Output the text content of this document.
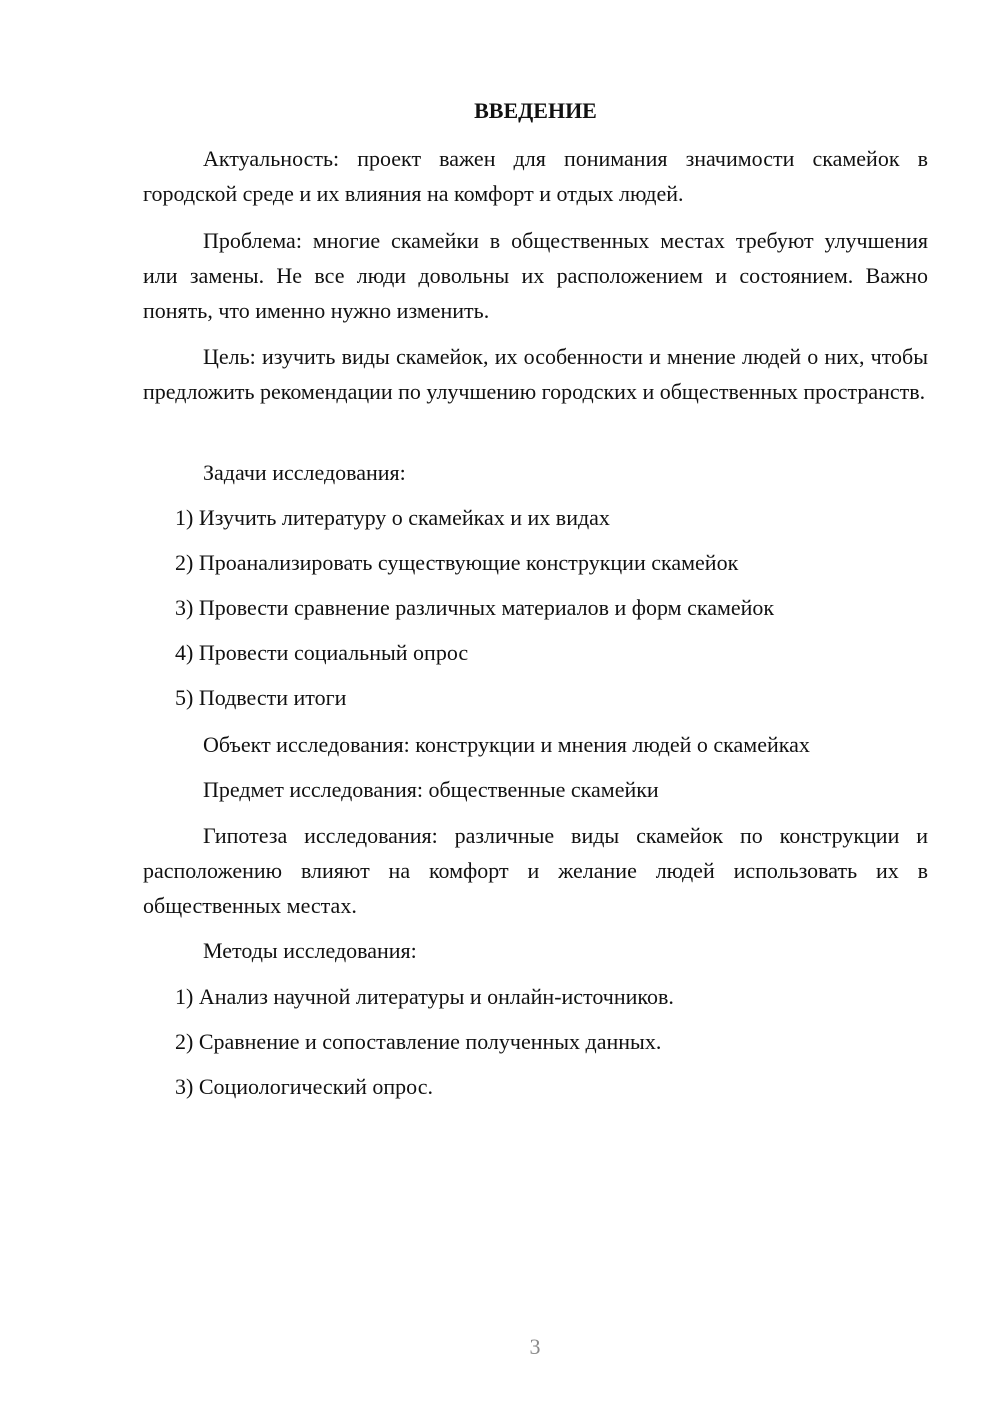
ВВЕДЕНИЕ
Актуальность: проект важен для понимания значимости скамейок в городской среде и их влияния на комфорт и отдых людей.
Проблема: многие скамейки в общественных местах требуют улучшения или замены. Не все люди довольны их расположением и состоянием. Важно понять, что именно нужно изменить.
Цель: изучить виды скамейок, их особенности и мнение людей о них, чтобы предложить рекомендации по улучшению городских и общественных пространств.
Задачи исследования:
1) Изучить литературу о скамейках и их видах
2) Проанализировать существующие конструкции скамейок
3) Провести сравнение различных материалов и форм скамейок
4) Провести социальный опрос
5) Подвести итоги
Объект исследования: конструкции и мнения людей о скамейках
Предмет исследования: общественные скамейки
Гипотеза исследования: различные виды скамейок по конструкции и расположению влияют на комфорт и желание людей использовать их в общественных местах.
Методы исследования:
1) Анализ научной литературы и онлайн-источников.
2) Сравнение и сопоставление полученных данных.
3) Социологический опрос.
3
